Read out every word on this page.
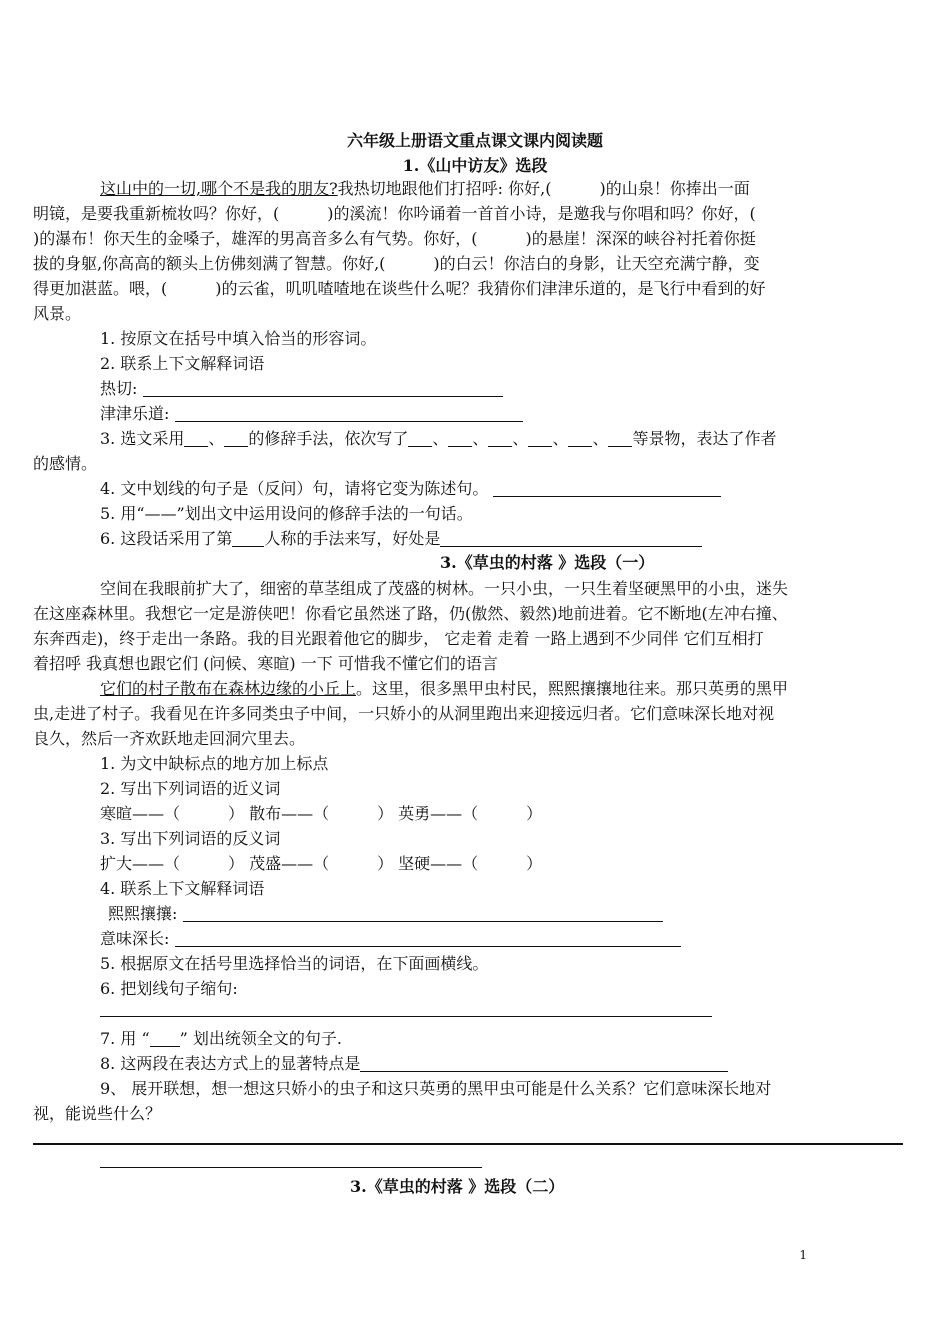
六年级上册语文重点课文课内阅读题
1.《山中访友》选段
这山中的一切,哪个不是我的朋友?我热切地跟他们打招呼: 你好,(　　　)的山泉！你捧出一面
明镜，是要我重新梳妆吗？你好，(　　　)的溪流！你吟诵着一首首小诗，是邀我与你唱和吗？你好，(
)的瀑布！你天生的金嗓子，雄浑的男高音多么有气势。你好，(　　　)的悬崖！深深的峡谷衬托着你挺
拔的身躯,你高高的额头上仿佛刻满了智慧。你好,(　　　)的白云！你洁白的身影，让天空充满宁静，变
得更加湛蓝。喂，(　　　)的云雀，叽叽喳喳地在谈些什么呢？我猜你们津津乐道的，是飞行中看到的好
风景。
1. 按原文在括号中填入恰当的形容词。
2. 联系上下文解释词语
热切:
津津乐道:
3. 选文采用 、 的修辞手法，依次写了 、 、 、 、 、 等景物，表达了作者
的感情。
4. 文中划线的句子是（反问）句，请将它变为陈述句。
5. 用“——”划出文中运用设问的修辞手法的一句话。
6. 这段话采用了第 人称的手法来写，好处是
3.《草虫的村落 》选段（一）
空间在我眼前扩大了，细密的草茎组成了茂盛的树林。一只小虫，一只生着坚硬黑甲的小虫，迷失
在这座森林里。我想它一定是游侠吧！你看它虽然迷了路，仍(傲然、毅然)地前进着。它不断地(左冲右撞、
东奔西走)，终于走出一条路。我的目光跟着他它的脚步， 它走着 走着 一路上遇到不少同伴 它们互相打
着招呼 我真想也跟它们 (问候、寒暄) 一下 可惜我不懂它们的语言
它们的村子散布在森林边缘的小丘上。这里，很多黑甲虫村民，熙熙攘攘地往来。那只英勇的黑甲
虫,走进了村子。我看见在许多同类虫子中间，一只娇小的从洞里跑出来迎接远归者。它们意味深长地对视
良久，然后一齐欢跃地走回洞穴里去。
1. 为文中缺标点的地方加上标点
2. 写出下列词语的近义词
寒暄——（　　　） 散布——（　　　） 英勇——（　　　）
3. 写出下列词语的反义词
扩大——（　　　） 茂盛——（　　　） 坚硬——（　　　）
4. 联系上下文解释词语
熙熙攘攘:
意味深长:
5. 根据原文在括号里选择恰当的词语，在下面画横线。
6. 把划线句子缩句:
7. 用 “ ” 划出统领全文的句子.
8. 这两段在表达方式上的显著特点是
9、 展开联想，想一想这只娇小的虫子和这只英勇的黑甲虫可能是什么关系？它们意味深长地对
视，能说些什么？
3.《草虫的村落 》选段（二）
1
